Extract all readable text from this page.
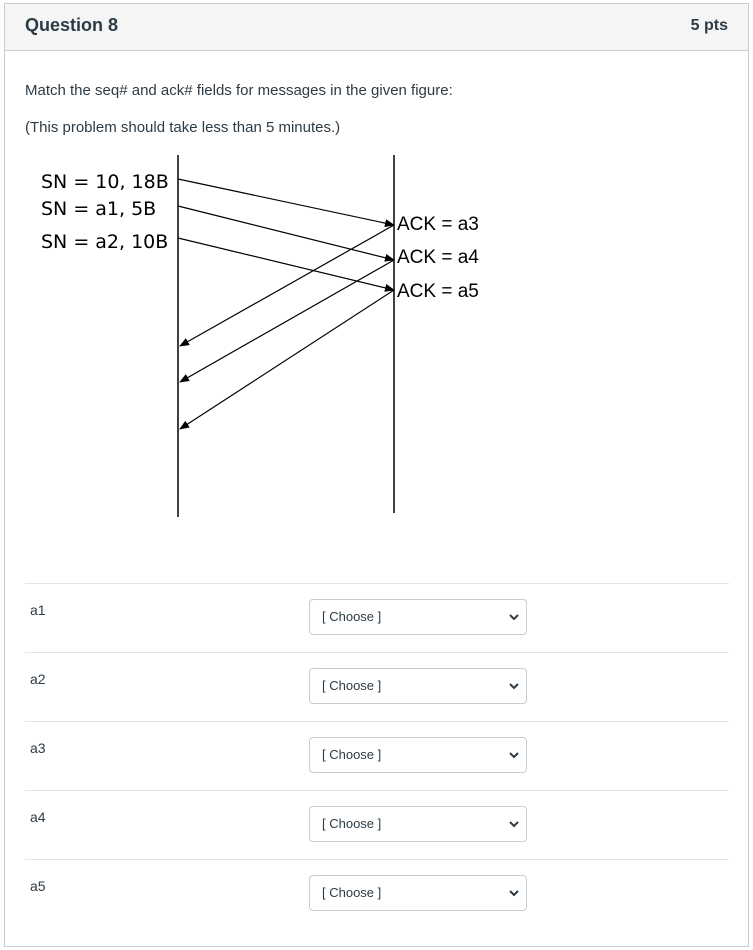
Question 8	5 pts
Match the seq# and ack# fields for messages in the given figure:
(This problem should take less than 5 minutes.)
SN = 10, 18B
SN = a1, 5B
SN = a2, 10B
ACK = a3
ACK = a4
ACK = a5
a1	[ Choose ]
a2	[ Choose ]
a3	[ Choose ]
a4	[ Choose ]
a5	[ Choose ]
